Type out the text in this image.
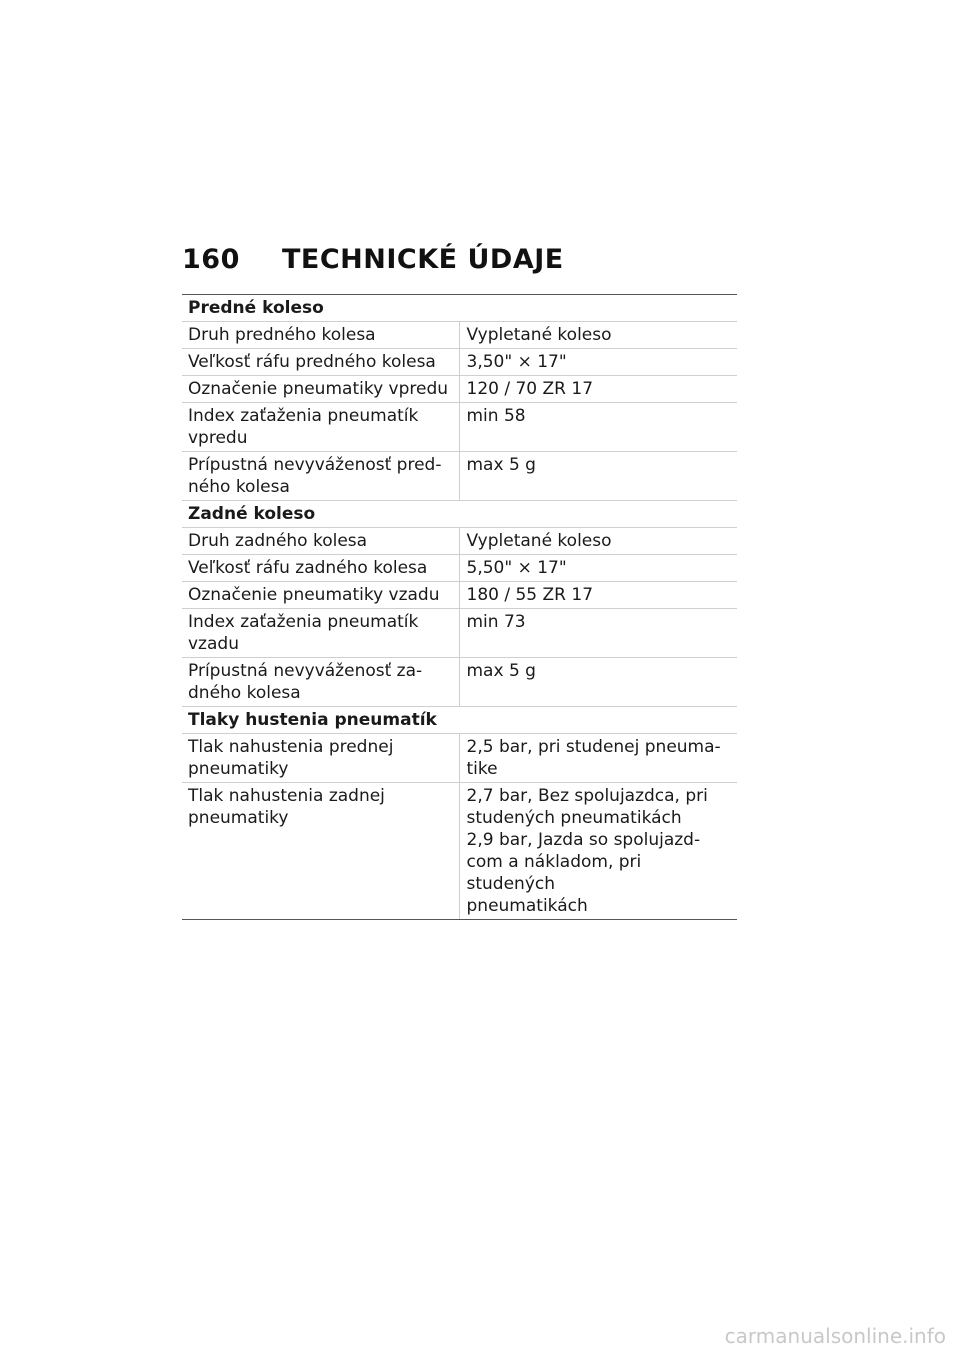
160	TECHNICKÉ ÚDAJE
Predné koleso	

Druh predného kolesa	Vypletané koleso

Veľkosť ráfu predného kolesa	3,50" × 17"

Označenie pneumatiky vpredu	120 / 70 ZR 17

Index zaťaženia pneumatík
vpredu	min 58

Prípustná nevyváženosť pred-
ného kolesa	max 5 g

Zadné koleso	

Druh zadného kolesa	Vypletané koleso

Veľkosť ráfu zadného kolesa	5,50" × 17"

Označenie pneumatiky vzadu	180 / 55 ZR 17

Index zaťaženia pneumatík
vzadu	min 73

Prípustná nevyváženosť za-
dného kolesa	max 5 g

Tlaky hustenia pneumatík	

Tlak nahustenia prednej
pneumatiky	2,5 bar, pri studenej pneuma-
tike

Tlak nahustenia zadnej
pneumatiky	2,7 bar, Bez spolujazdca, pri
studených pneumatikách
2,9 bar, Jazda so spolujazd-
com a nákladom, pri studených
pneumatikách
carmanualsonline.info
